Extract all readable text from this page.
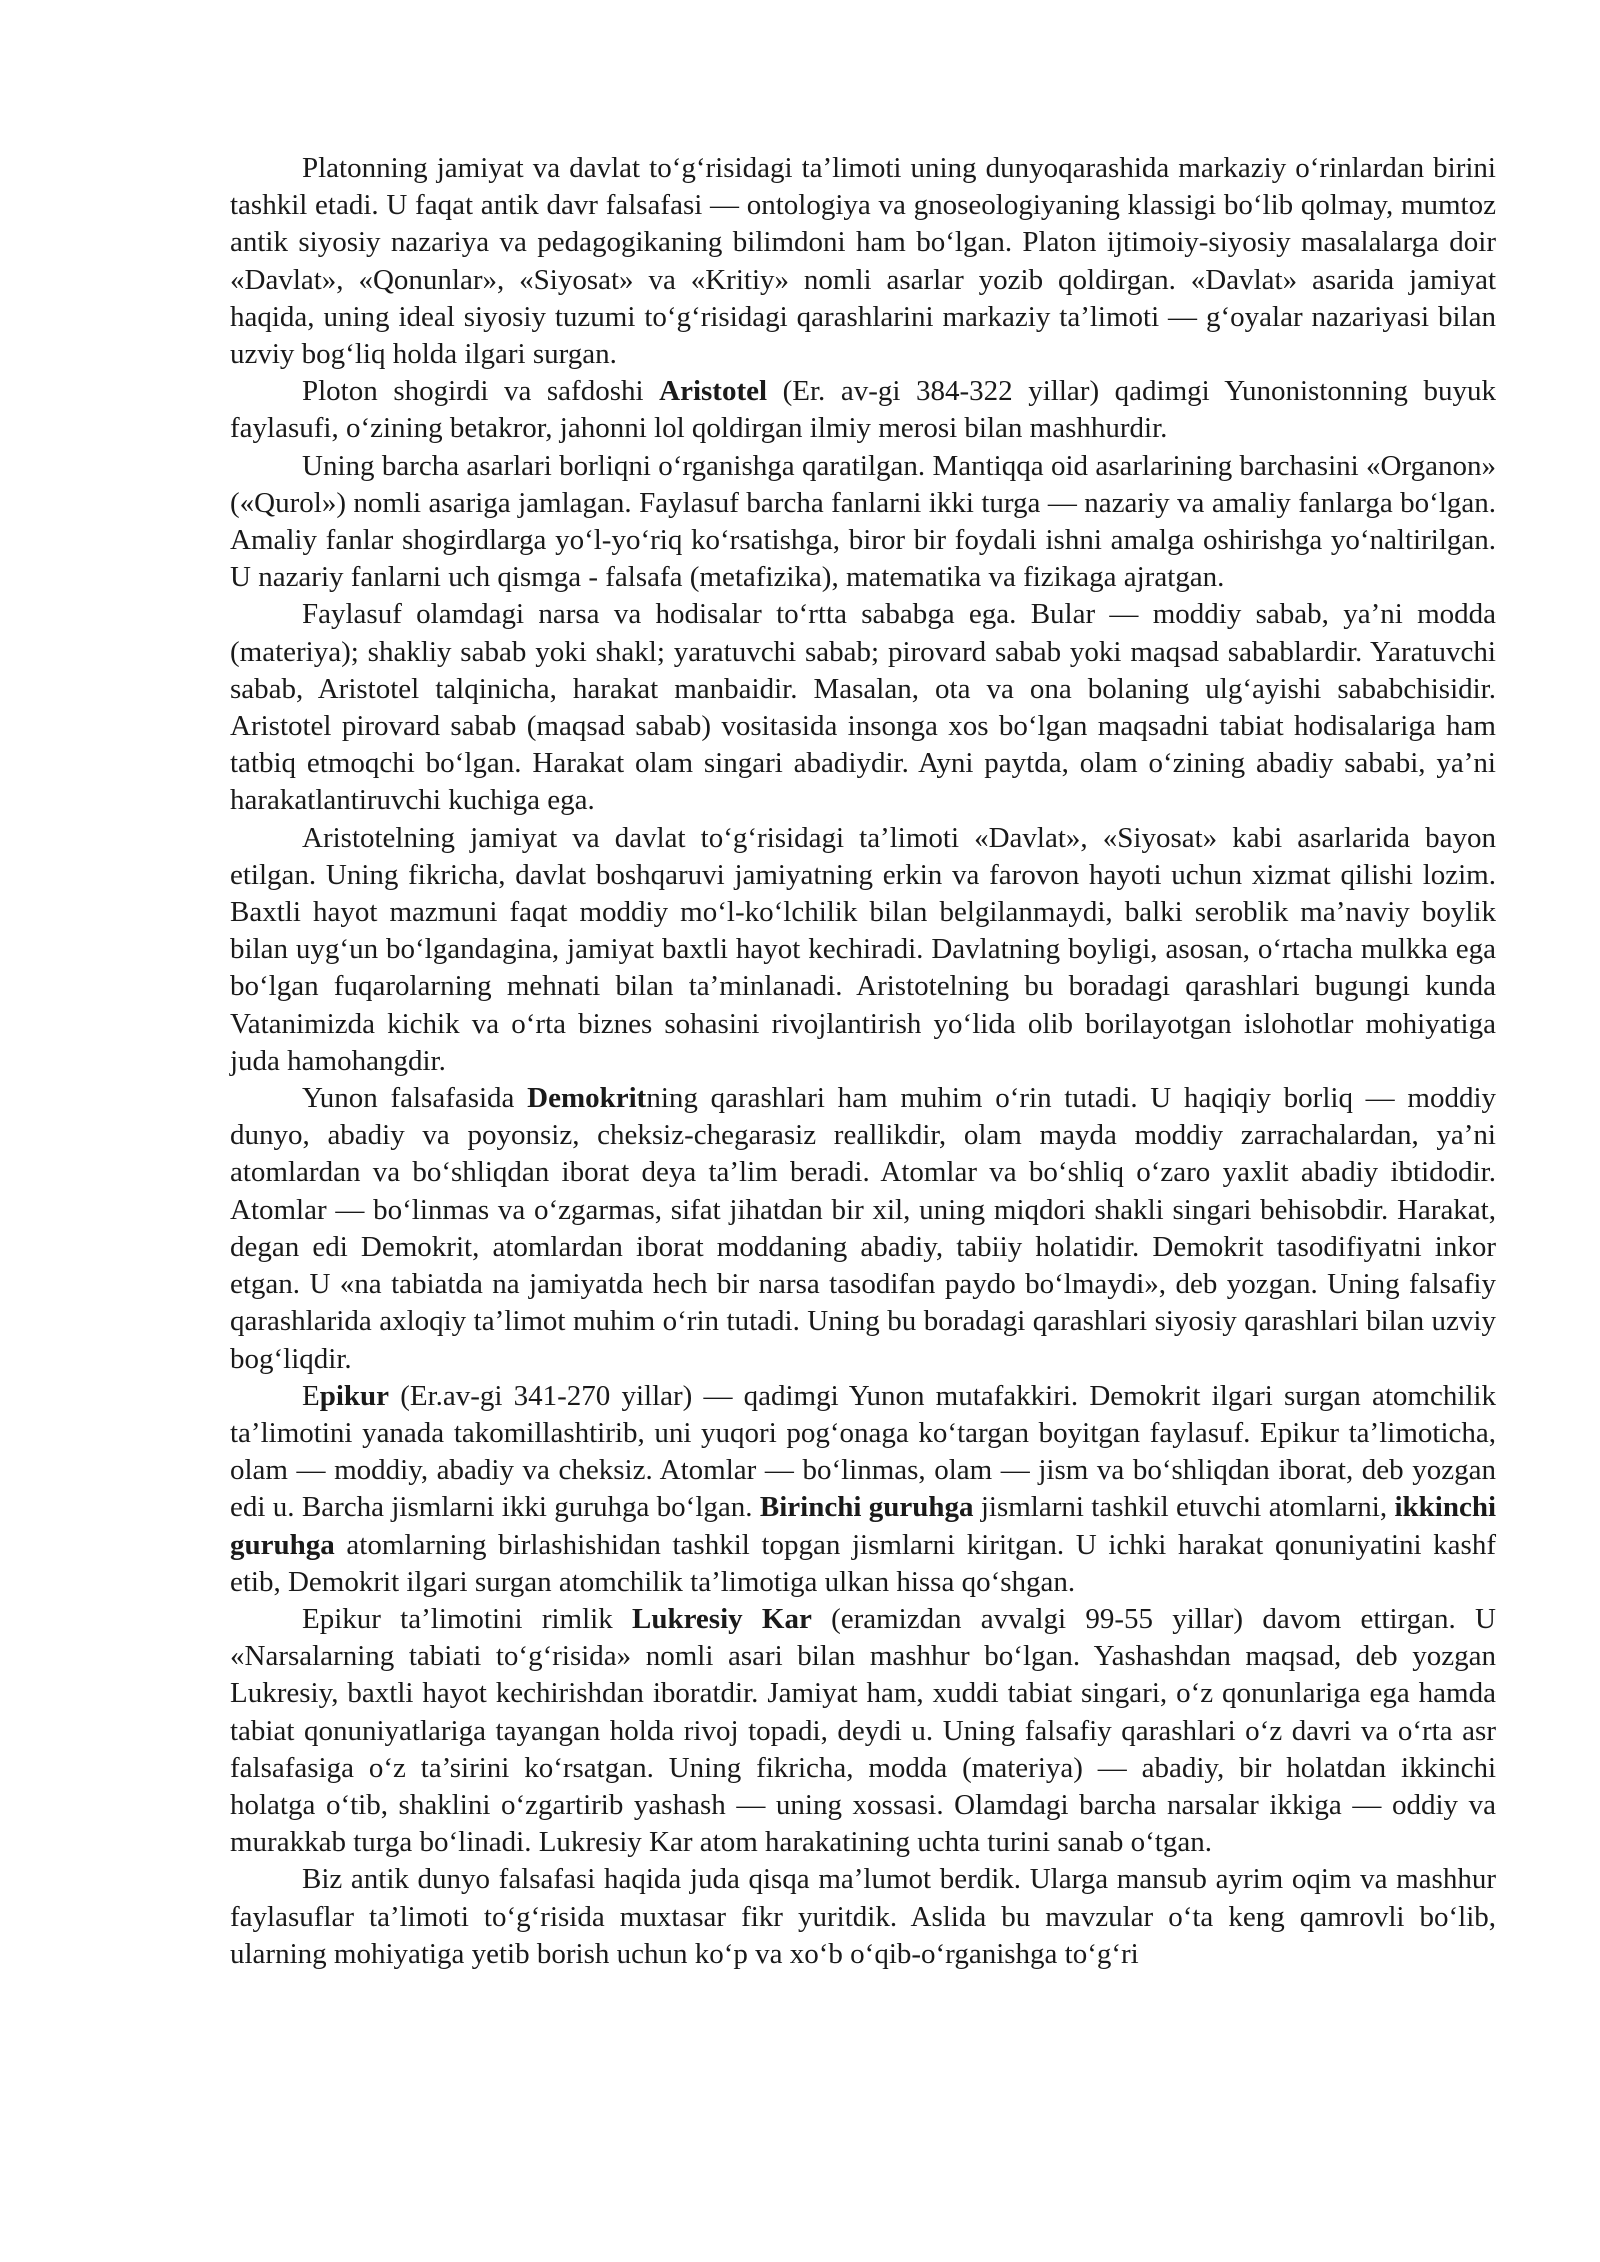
Platonning jamiyat va davlat to‘g‘risidagi ta’limoti uning dunyoqarashida markaziy o‘rinlardan birini tashkil etadi. U faqat antik davr falsafasi — ontologiya va gnoseologiyaning klassigi bo‘lib qolmay, mumtoz antik siyosiy nazariya va pedagogikaning bilimdoni ham bo‘lgan. Platon ijtimoiy-siyosiy masalalarga doir «Davlat», «Qonunlar», «Siyosat» va «Kritiy» nomli asarlar yozib qoldirgan. «Davlat» asarida jamiyat haqida, uning ideal siyosiy tuzumi to‘g‘risidagi qarashlarini markaziy ta’limoti — g‘oyalar nazariyasi bilan uzviy bog‘liq holda ilgari surgan.

Ploton shogirdi va safdoshi Aristotel (Er. av-gi 384-322 yillar) qadimgi Yunonistonning buyuk faylasufi, o‘zining betakror, jahonni lol qoldirgan ilmiy merosi bilan mashhurdir.

Uning barcha asarlari borliqni o‘rganishga qaratilgan. Mantiqqa oid asarlarining barchasini «Organon» («Qurol») nomli asariga jamlagan. Faylasuf barcha fanlarni ikki turga — nazariy va amaliy fanlarga bo‘lgan. Amaliy fanlar shogirdlarga yo‘l-yo‘riq ko‘rsatishga, biror bir foydali ishni amalga oshirishga yo‘naltirilgan. U nazariy fanlarni uch qismga - falsafa (metafizika), matematika va fizikaga ajratgan.

Faylasuf olamdagi narsa va hodisalar to‘rtta sababga ega. Bular — moddiy sabab, ya’ni modda (materiya); shakliy sabab yoki shakl; yaratuvchi sabab; pirovard sabab yoki maqsad sabablardir. Yaratuvchi sabab, Aristotel talqinicha, harakat manbaidir. Masalan, ota va ona bolaning ulg‘ayishi sababchisidir. Aristotel pirovard sabab (maqsad sabab) vositasida insonga xos bo‘lgan maqsadni tabiat hodisalariga ham tatbiq etmoqchi bo‘lgan. Harakat olam singari abadiydir. Ayni paytda, olam o‘zining abadiy sababi, ya’ni harakatlantiruvchi kuchiga ega.

Aristotelning jamiyat va davlat to‘g‘risidagi ta’limoti «Davlat», «Siyosat» kabi asarlarida bayon etilgan. Uning fikricha, davlat boshqaruvi jamiyatning erkin va farovon hayoti uchun xizmat qilishi lozim. Baxtli hayot mazmuni faqat moddiy mo‘l-ko‘lchilik bilan belgilanmaydi, balki seroblik ma’naviy boylik bilan uyg‘un bo‘lgandagina, jamiyat baxtli hayot kechiradi. Davlatning boyligi, asosan, o‘rtacha mulkka ega bo‘lgan fuqarolarning mehnati bilan ta’minlanadi. Aristotelning bu boradagi qarashlari bugungi kunda Vatanimizda kichik va o‘rta biznes sohasini rivojlantirish yo‘lida olib borilayotgan islohotlar mohiyatiga juda hamohangdir.

Yunon falsafasida Demokritning qarashlari ham muhim o‘rin tutadi. U haqiqiy borliq — moddiy dunyo, abadiy va poyonsiz, cheksiz-chegarasiz reallikdir, olam mayda moddiy zarrachalardan, ya’ni atomlardan va bo‘shliqdan iborat deya ta’lim beradi. Atomlar va bo‘shliq o‘zaro yaxlit abadiy ibtidodir. Atomlar — bo‘linmas va o‘zgarmas, sifat jihatdan bir xil, uning miqdori shakli singari behisobdir. Harakat, degan edi Demokrit, atomlardan iborat moddaning abadiy, tabiiy holatidir. Demokrit tasodifiyatni inkor etgan. U «na tabiatda na jamiyatda hech bir narsa tasodifan paydo bo‘lmaydi», deb yozgan. Uning falsafiy qarashlarida axloqiy ta’limot muhim o‘rin tutadi. Uning bu boradagi qarashlari siyosiy qarashlari bilan uzviy bog‘liqdir.

Epikur (Er.av-gi 341-270 yillar) — qadimgi Yunon mutafakkiri. Demokrit ilgari surgan atomchilik ta’limotini yanada takomillashtirib, uni yuqori pog‘onaga ko‘targan boyitgan faylasuf. Epikur ta’limoticha, olam — moddiy, abadiy va cheksiz. Atomlar — bo‘linmas, olam — jism va bo‘shliqdan iborat, deb yozgan edi u. Barcha jismlarni ikki guruhga bo‘lgan. Birinchi guruhga jismlarni tashkil etuvchi atomlarni, ikkinchi guruhga atomlarning birlashishidan tashkil topgan jismlarni kiritgan. U ichki harakat qonuniyatini kashf etib, Demokrit ilgari surgan atomchilik ta’limotiga ulkan hissa qo‘shgan.

Epikur ta’limotini rimlik Lukresiy Kar (eramizdan avvalgi 99-55 yillar) davom ettirgan. U «Narsalarning tabiati to‘g‘risida» nomli asari bilan mashhur bo‘lgan. Yashashdan maqsad, deb yozgan Lukresiy, baxtli hayot kechirishdan iboratdir. Jamiyat ham, xuddi tabiat singari, o‘z qonunlariga ega hamda tabiat qonuniyatlariga tayangan holda rivoj topadi, deydi u. Uning falsafiy qarashlari o‘z davri va o‘rta asr falsafasiga o‘z ta’sirini ko‘rsatgan. Uning fikricha, modda (materiya) — abadiy, bir holatdan ikkinchi holatga o‘tib, shaklini o‘zgartirib yashash — uning xossasi. Olamdagi barcha narsalar ikkiga — oddiy va murakkab turga bo‘linadi. Lukresiy Kar atom harakatining uchta turini sanab o‘tgan.

Biz antik dunyo falsafasi haqida juda qisqa ma’lumot berdik. Ularga mansub ayrim oqim va mashhur faylasuflar ta’limoti to‘g‘risida muxtasar fikr yuritdik. Aslida bu mavzular o‘ta keng qamrovli bo‘lib, ularning mohiyatiga yetib borish uchun ko‘p va xo‘b o‘qib-o‘rganishga to‘g‘ri
